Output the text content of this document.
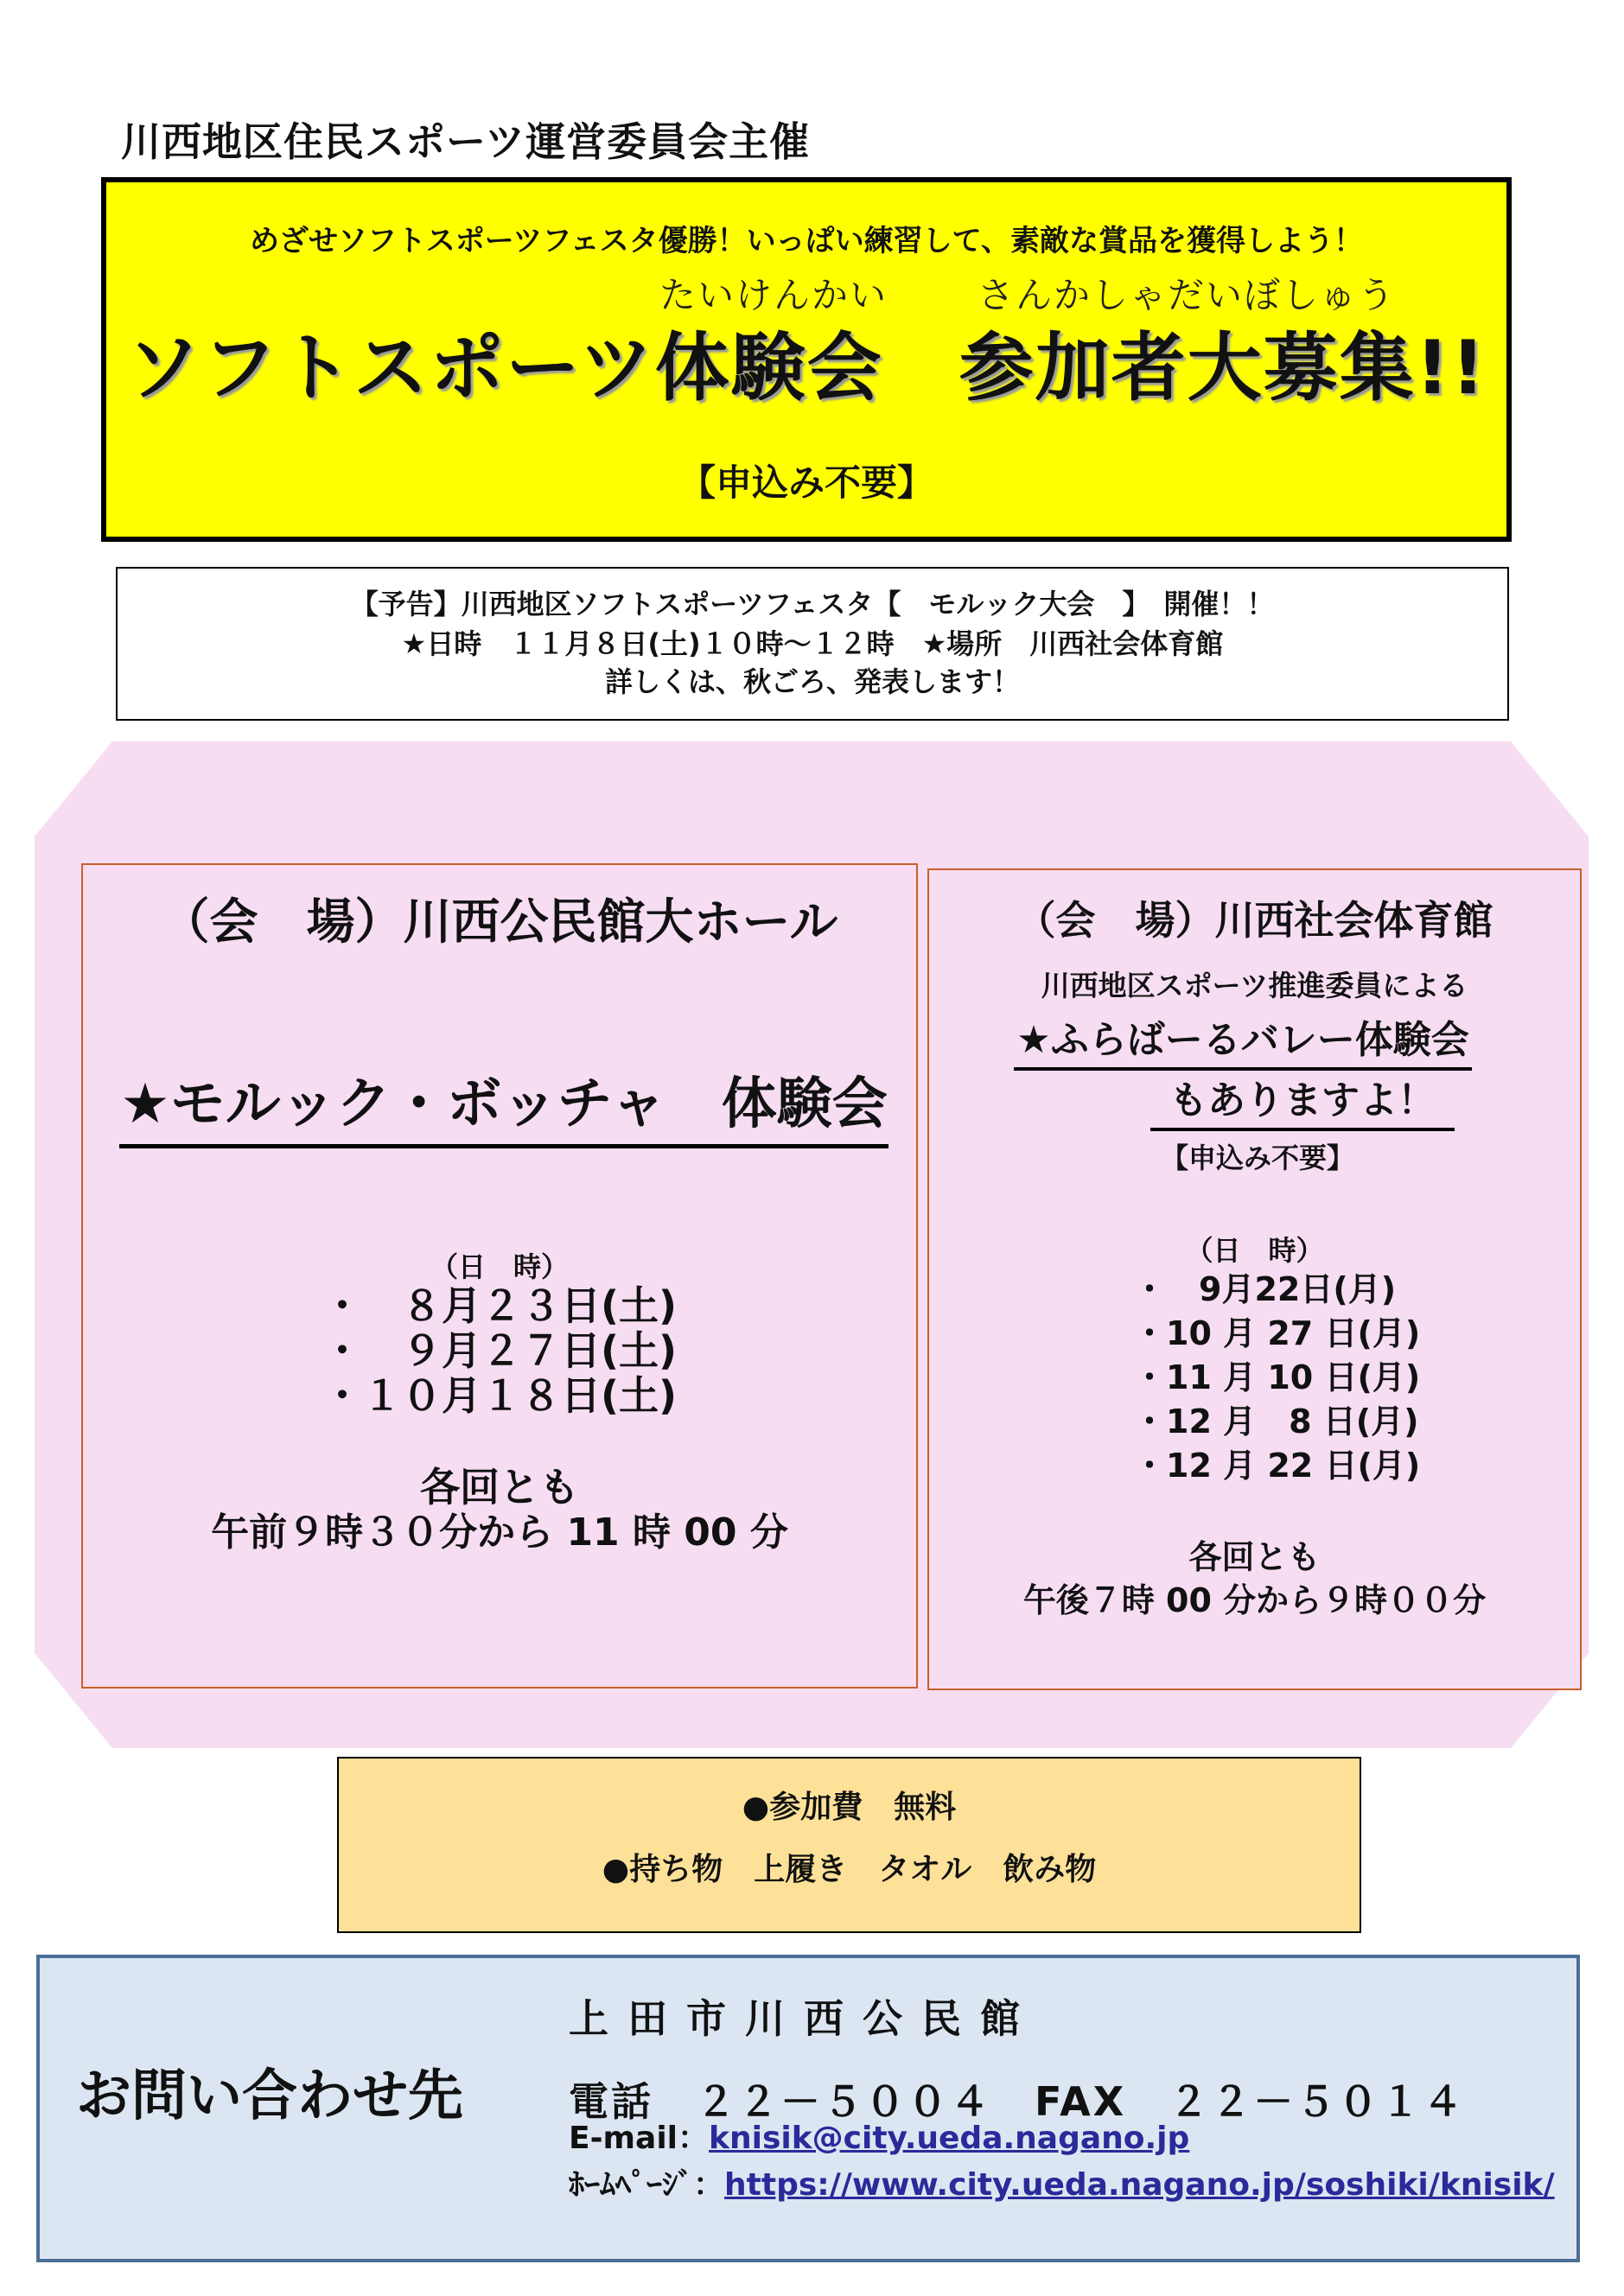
川西地区住民スポーツ運営委員会主催
めざせソフトスポーツフェスタ優勝！いっぱい練習して、素敵な賞品を獲得しよう！
たいけんかい さんかしゃだいぼしゅう
ソフトスポーツ体験会　参加者大募集!!
【申込み不要】
【予告】川西地区ソフトスポーツフェスタ【　モルック大会　】　開催！！
★日時　１１月８日(土)１０時～１２時　★場所　川西社会体育館
詳しくは、秋ごろ、発表します！
（会　場）川西公民館大ホール
★モルック・ボッチャ　体験会
（日　時）
・　８月２３日(土)
・　９月２７日(土)
・１０月１８日(土)
各回とも
午前９時３０分から 11 時 00 分
（会　場）川西社会体育館
川西地区スポーツ推進委員による
★ふらばーるバレー体験会
もありますよ！
【申込み不要】
（日　時）
・　9月22日(月)
・10 月 27 日(月)
・11 月 10 日(月)
・12 月　8 日(月)
・12 月 22 日(月)
各回とも
午後７時 00 分から９時００分
●参加費　無料
●持ち物　上履き　タオル　飲み物
お問い合わせ先
上田市川西公民館
電話　２２－５００４　FAX　２２－５０１４
E-mail：knisik@city.ueda.nagano.jp
ﾎｰﾑﾍﾟｰｼﾞ：https://www.city.ueda.nagano.jp/soshiki/knisik/
